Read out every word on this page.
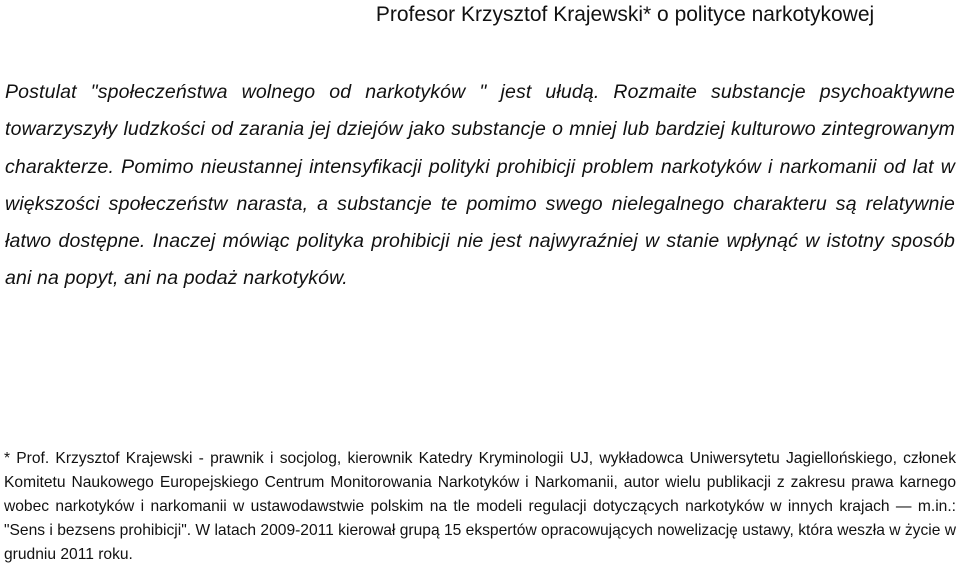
Profesor Krzysztof Krajewski* o polityce narkotykowej
Postulat "społeczeństwa wolnego od narkotyków " jest ułudą. Rozmaite substancje psychoaktywne towarzyszyły ludzkości od zarania jej dziejów jako substancje o mniej lub bardziej kulturowo zintegrowanym charakterze. Pomimo nieustannej intensyfikacji polityki prohibicji problem narkotyków i narkomanii od lat w większości społeczeństw narasta, a substancje te pomimo swego nielegalnego charakteru są relatywnie łatwo dostępne. Inaczej mówiąc polityka prohibicji nie jest najwyraźniej w stanie wpłynąć w istotny sposób ani na popyt, ani na podaż narkotyków.
* Prof. Krzysztof Krajewski - prawnik i socjolog, kierownik Katedry Kryminologii UJ, wykładowca Uniwersytetu Jagiellońskiego, członek Komitetu Naukowego Europejskiego Centrum Monitorowania Narkotyków i Narkomanii, autor wielu publikacji z zakresu prawa karnego wobec narkotyków i narkomanii w ustawodawstwie polskim na tle modeli regulacji dotyczących narkotyków w innych krajach — m.in.: "Sens i bezsens prohibicji". W latach 2009-2011 kierował grupą 15 ekspertów opracowujących nowelizację ustawy, która weszła w życie w grudniu 2011 roku.
